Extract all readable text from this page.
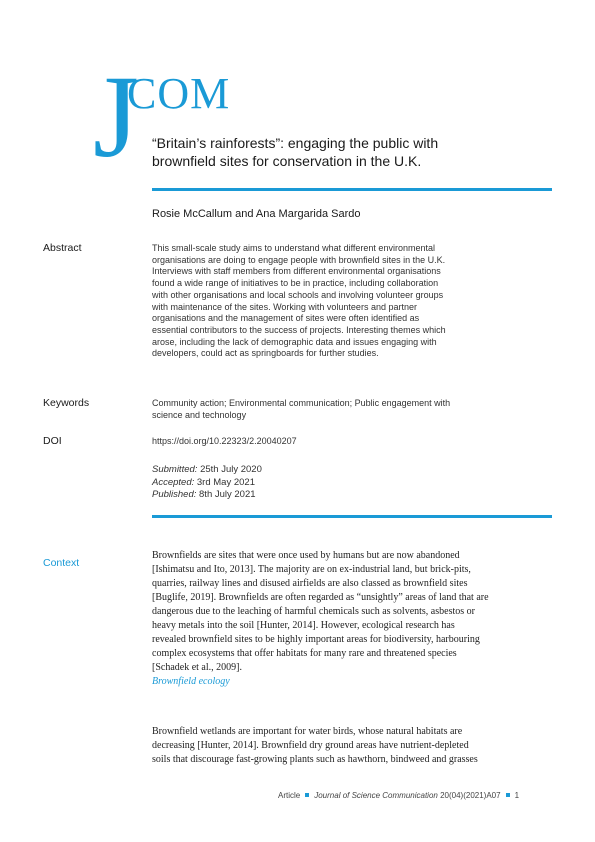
J
COM
“Britain’s rainforests”: engaging the public with
brownfield sites for conservation in the U.K.
Rosie McCallum and Ana Margarida Sardo
Abstract	This small-scale study aims to understand what different environmental
organisations are doing to engage people with brownfield sites in the U.K.
Interviews with staff members from different environmental organisations
found a wide range of initiatives to be in practice, including collaboration
with other organisations and local schools and involving volunteer groups
with maintenance of the sites. Working with volunteers and partner
organisations and the management of sites were often identified as
essential contributors to the success of projects. Interesting themes which
arose, including the lack of demographic data and issues engaging with
developers, could act as springboards for further studies.
Keywords	Community action; Environmental communication; Public engagement with
science and technology
DOI	https://doi.org/10.22323/2.20040207
Submitted: 25th July 2020
Accepted: 3rd May 2021
Published: 8th July 2021
Context
Brownfields are sites that were once used by humans but are now abandoned
[Ishimatsu and Ito, 2013]. The majority are on ex-industrial land, but brick-pits,
quarries, railway lines and disused airfields are also classed as brownfield sites
[Buglife, 2019]. Brownfields are often regarded as “unsightly” areas of land that are
dangerous due to the leaching of harmful chemicals such as solvents, asbestos or
heavy metals into the soil [Hunter, 2014]. However, ecological research has
revealed brownfield sites to be highly important areas for biodiversity, harbouring
complex ecosystems that offer habitats for many rare and threatened species
[Schadek et al., 2009].
Brownfield ecology
Brownfield wetlands are important for water birds, whose natural habitats are
decreasing [Hunter, 2014]. Brownfield dry ground areas have nutrient-depleted
soils that discourage fast-growing plants such as hawthorn, bindweed and grasses
Article Journal of Science Communication 20(04)(2021)A07 1
